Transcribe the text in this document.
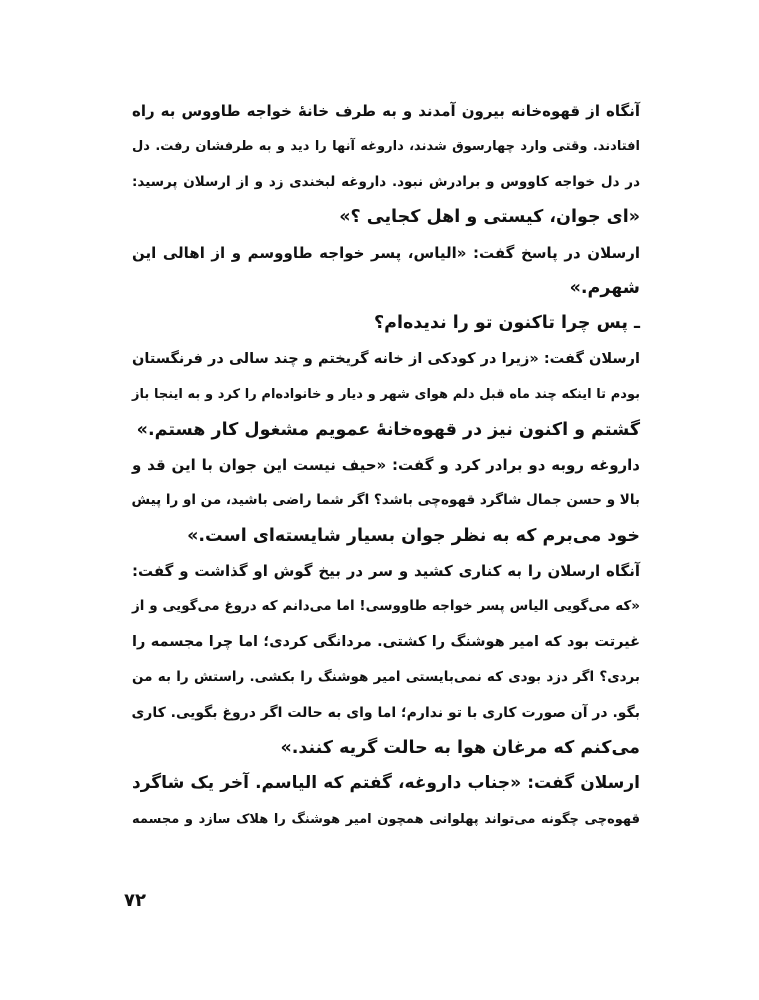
آنگاه از قهوه‌خانه بیرون آمدند و به طرف خانهٔ خواجه طاووس به راه
افتادند. وقتی وارد چهارسوق شدند، داروغه آنها را دید و به طرفشان رفت. دل
در دل خواجه کاووس و برادرش نبود. داروغه لبخندی زد و از ارسلان پرسید:
«ای جوان، کیستی و اهل کجایی ؟»
ارسلان در پاسخ گفت: «الیاس، پسر خواجه طاووسم و از اهالی این
شهرم.»
ـ پس چرا تاکنون تو را ندیده‌ام؟
ارسلان گفت: «زیرا در کودکی از خانه گریختم و چند سالی در فرنگستان
بودم تا اینکه چند ماه قبل دلم هوای شهر و دیار و خانواده‌ام را کرد و به اینجا باز
گشتم و اکنون نیز در قهوه‌خانهٔ عمویم مشغول کار هستم.»
داروغه روبه دو برادر کرد و گفت: «حیف نیست این جوان با این قد و
بالا و حسن جمال شاگرد قهوه‌چی باشد؟ اگر شما راضی باشید، من او را پیش
خود می‌برم که به نظر جوان بسیار شایسته‌ای است.»
آنگاه ارسلان را به کناری کشید و سر در بیخ گوش او گذاشت و گفت:
«که می‌گویی الیاس پسر خواجه طاووسی! اما می‌دانم که دروغ می‌گویی و از
غیرتت بود که امیر هوشنگ را کشتی. مردانگی کردی؛ اما چرا مجسمه را
بردی؟ اگر دزد بودی که نمی‌بایستی امیر هوشنگ را بکشی. راستش را به من
بگو. در آن صورت کاری با تو ندارم؛ اما وای به حالت اگر دروغ بگویی. کاری
می‌کنم که مرغان هوا به حالت گریه کنند.»
ارسلان گفت: «جناب داروغه، گفتم که الیاسم. آخر یک شاگرد
قهوه‌چی چگونه می‌تواند پهلوانی همچون امیر هوشنگ را هلاک سازد و مجسمه
۷۲
